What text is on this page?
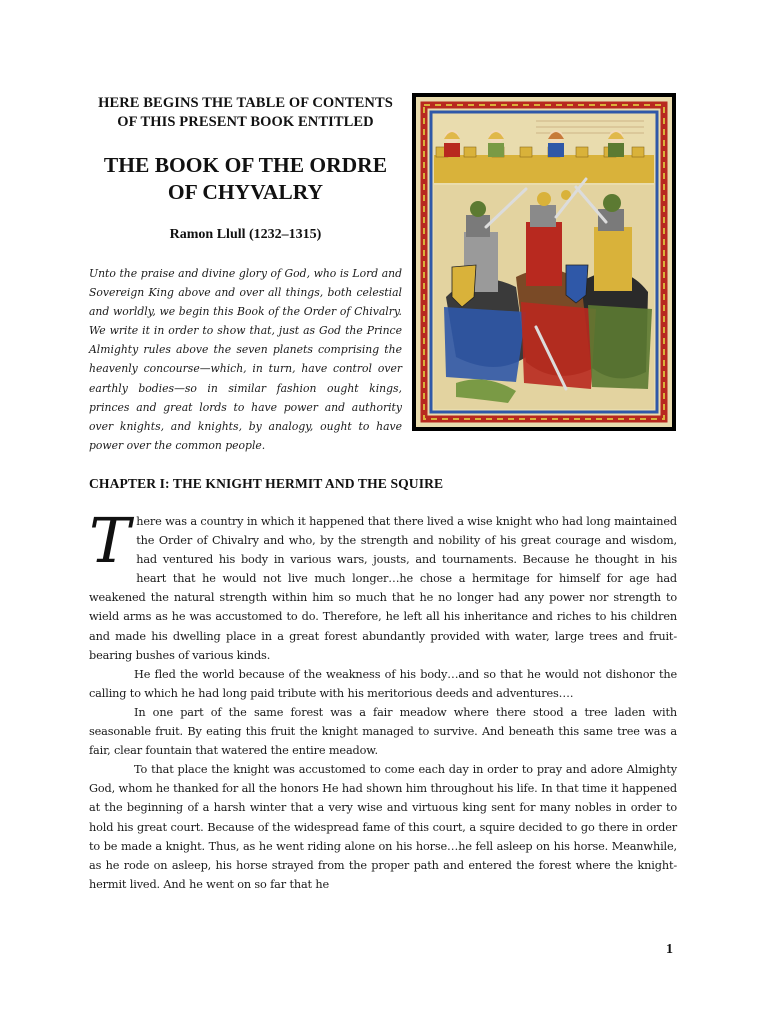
HERE BEGINS THE TABLE OF CONTENTS OF THIS PRESENT BOOK ENTITLED
THE BOOK OF THE ORDRE OF CHYVALRY
Ramon Llull (1232–1315)
Unto the praise and divine glory of God, who is Lord and Sovereign King above and over all things, both celestial and worldly, we begin this Book of the Order of Chivalry. We write it in order to show that, just as God the Prince Almighty rules above the seven planets comprising the heavenly concourse—which, in turn, have control over earthly bodies—so in similar fashion ought kings, princes and great lords to have power and authority over knights, and knights, by analogy, ought to have power over the common people.
CHAPTER I: THE KNIGHT HERMIT AND THE SQUIRE

There was a country in which it happened that there lived a wise knight who had long maintained the Order of Chivalry and who, by the strength and nobility of his great courage and wisdom, had ventured his body in various wars, jousts, and tournaments. Because he thought in his heart that he would not live much longer…he chose a hermitage for himself for age had weakened the natural strength within him so much that he no longer had any power nor strength to wield arms as he was accustomed to do. Therefore, he left all his inheritance and riches to his children and made his dwelling place in a great forest abundantly provided with water, large trees and fruit-bearing bushes of various kinds.

He fled the world because of the weakness of his body…and so that he would not dishonor the calling to which he had long paid tribute with his meritorious deeds and adventures….

In one part of the same forest was a fair meadow where there stood a tree laden with seasonable fruit. By eating this fruit the knight managed to survive. And beneath this same tree was a fair, clear fountain that watered the entire meadow.

To that place the knight was accustomed to come each day in order to pray and adore Almighty God, whom he thanked for all the honors He had shown him throughout his life. In that time it happened at the beginning of a harsh winter that a very wise and virtuous king sent for many nobles in order to hold his great court. Because of the widespread fame of this court, a squire decided to go there in order to be made a knight. Thus, as he went riding alone on his horse…he fell asleep on his horse. Meanwhile, as he rode on asleep, his horse strayed from the proper path and entered the forest where the knight-hermit lived. And he went on so far that he

1
